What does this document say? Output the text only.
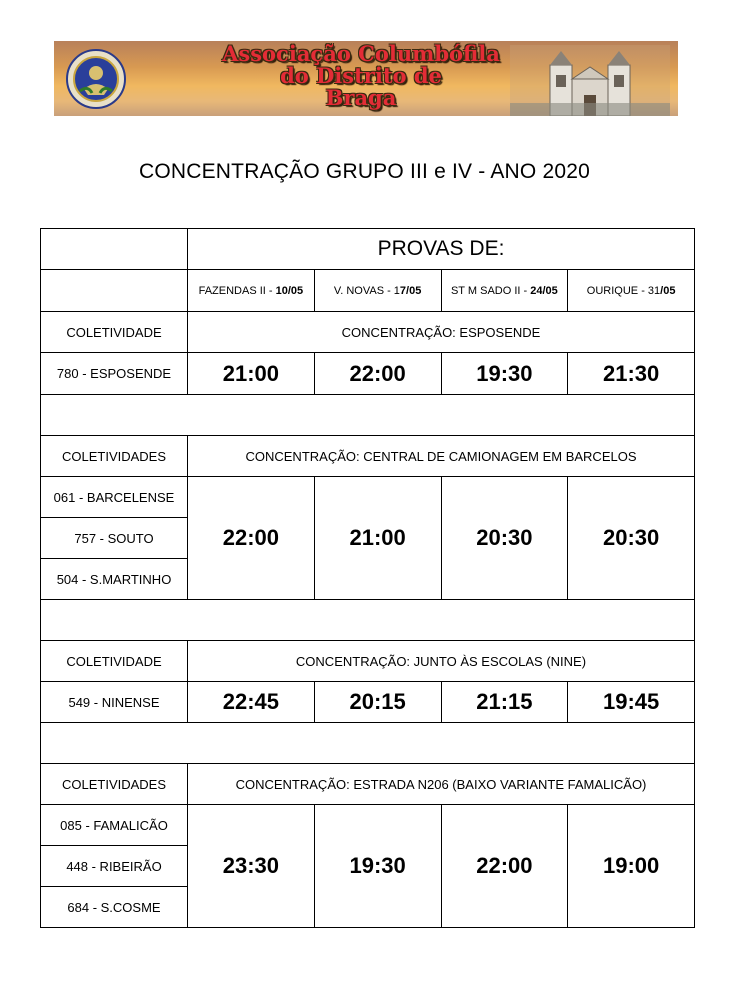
Associação Columbófila
do Distrito de
Braga
CONCENTRAÇÃO GRUPO III e IV - ANO 2020
	PROVAS DE:			
	FAZENDAS II - 10/05	V. NOVAS - 17/05	ST M SADO II - 24/05	OURIQUE - 31/05
COLETIVIDADE	CONCENTRAÇÃO: ESPOSENDE			
780 - ESPOSENDE	21:00	22:00	19:30	21:30

COLETIVIDADES	CONCENTRAÇÃO: CENTRAL DE CAMIONAGEM EM BARCELOS			
061 - BARCELENSE	22:00	21:00	20:30	20:30
757 - SOUTO				
504 - S.MARTINHO				

COLETIVIDADE	CONCENTRAÇÃO: JUNTO ÀS ESCOLAS (NINE)			
549 - NINENSE	22:45	20:15	21:15	19:45

COLETIVIDADES	CONCENTRAÇÃO: ESTRADA N206 (BAIXO VARIANTE FAMALICÃO)			
085 - FAMALICÃO	23:30	19:30	22:00	19:00
448 - RIBEIRÃO				
684 - S.COSME				
